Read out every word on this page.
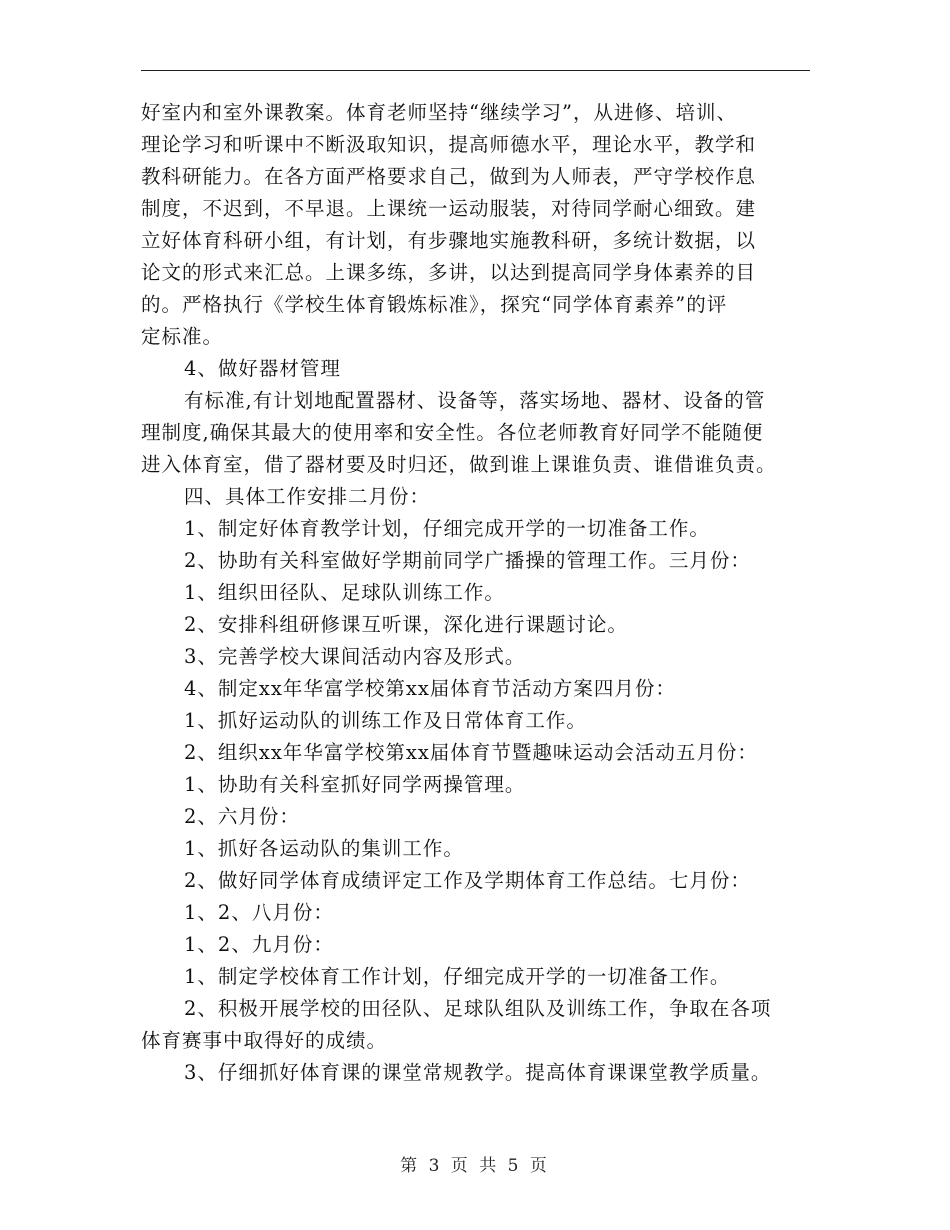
好室内和室外课教案。体育老师坚持“继续学习”，从进修、培训、

理论学习和听课中不断汲取知识，提高师德水平，理论水平，教学和

教科研能力。在各方面严格要求自己，做到为人师表，严守学校作息

制度，不迟到，不早退。上课统一运动服装，对待同学耐心细致。建

立好体育科研小组，有计划，有步骤地实施教科研，多统计数据，以

论文的形式来汇总。上课多练，多讲，以达到提高同学身体素养的目

的。严格执行《学校生体育锻炼标准》，探究“同学体育素养”的评

定标准。

4、做好器材管理

有标准,有计划地配置器材、设备等，落实场地、器材、设备的管

理制度,确保其最大的使用率和安全性。各位老师教育好同学不能随便

进入体育室，借了器材要及时归还，做到谁上课谁负责、谁借谁负责。

四、具体工作安排二月份：

1、制定好体育教学计划，仔细完成开学的一切准备工作。

2、协助有关科室做好学期前同学广播操的管理工作。三月份：

1、组织田径队、足球队训练工作。

2、安排科组研修课互听课，深化进行课题讨论。

3、完善学校大课间活动内容及形式。

4、制定xx年华富学校第xx届体育节活动方案四月份：

1、抓好运动队的训练工作及日常体育工作。

2、组织xx年华富学校第xx届体育节暨趣味运动会活动五月份：

1、协助有关科室抓好同学两操管理。

2、六月份：

1、抓好各运动队的集训工作。

2、做好同学体育成绩评定工作及学期体育工作总结。七月份：

1、2、八月份：

1、2、九月份：

1、制定学校体育工作计划，仔细完成开学的一切准备工作。

2、积极开展学校的田径队、足球队组队及训练工作，争取在各项

体育赛事中取得好的成绩。

3、仔细抓好体育课的课堂常规教学。提高体育课课堂教学质量。

第 3 页 共 5 页
